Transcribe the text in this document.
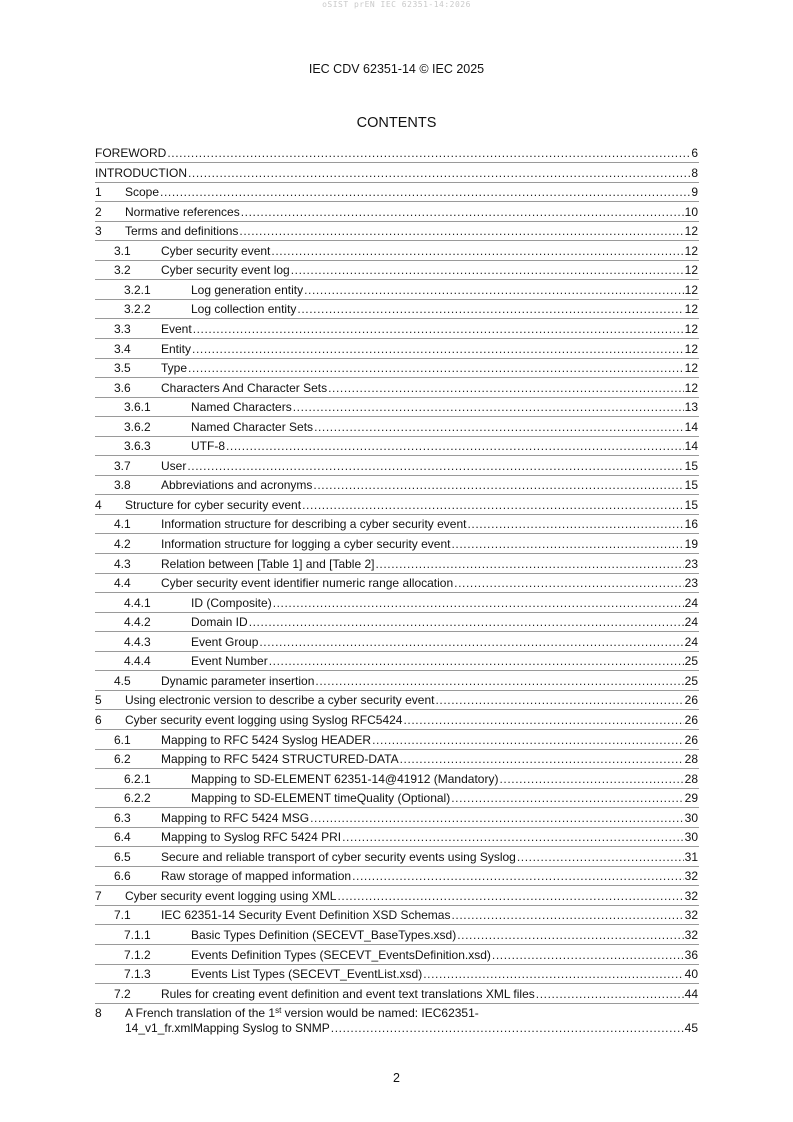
oSIST prEN IEC 62351-14:2026
IEC CDV 62351-14 © IEC 2025
CONTENTS
FOREWORD .....	6
INTRODUCTION .....	8
1 Scope .....	9
2 Normative references .....	10
3 Terms and definitions .....	12
3.1	Cyber security event .....	12
3.2	Cyber security event log .....	12
3.2.1	Log generation entity .....	12
3.2.2	Log collection entity .....	12
3.3	Event .....	12
3.4	Entity .....	12
3.5	Type .....	12
3.6	Characters And Character Sets .....	12
3.6.1	Named Characters .....	13
3.6.2	Named Character Sets .....	14
3.6.3	UTF-8 .....	14
3.7	User .....	15
3.8	Abbreviations and acronyms .....	15
4 Structure for cyber security event .....	15
4.1	Information structure for describing a cyber security event .....	16
4.2	Information structure for logging a cyber security event .....	19
4.3	Relation between [Table 1] and [Table 2] .....	23
4.4	Cyber security event identifier numeric range allocation .....	23
4.4.1	ID (Composite) .....	24
4.4.2	Domain ID .....	24
4.4.3	Event Group .....	24
4.4.4	Event Number .....	25
4.5	Dynamic parameter insertion .....	25
5 Using electronic version to describe a cyber security event .....	26
6 Cyber security event logging using Syslog RFC5424 .....	26
6.1	Mapping to RFC 5424 Syslog HEADER .....	26
6.2	Mapping to RFC 5424 STRUCTURED-DATA .....	28
6.2.1	Mapping to SD-ELEMENT 62351-14@41912 (Mandatory) .....	28
6.2.2	Mapping to SD-ELEMENT timeQuality (Optional) .....	29
6.3	Mapping to RFC 5424 MSG .....	30
6.4	Mapping to Syslog RFC 5424 PRI .....	30
6.5	Secure and reliable transport of cyber security events using Syslog .....	31
6.6	Raw storage of mapped information .....	32
7 Cyber security event logging using XML .....	32
7.1	IEC 62351-14 Security Event Definition XSD Schemas .....	32
7.1.1	Basic Types Definition (SECEVT_BaseTypes.xsd) .....	32
7.1.2	Events Definition Types (SECEVT_EventsDefinition.xsd) .....	36
7.1.3	Events List Types (SECEVT_EventList.xsd) .....	40
7.2	Rules for creating event definition and event text translations XML files .....	44
8 A French translation of the 1st version would be named: IEC62351-
14_v1_fr.xmlMapping Syslog to SNMP .....	45
2
